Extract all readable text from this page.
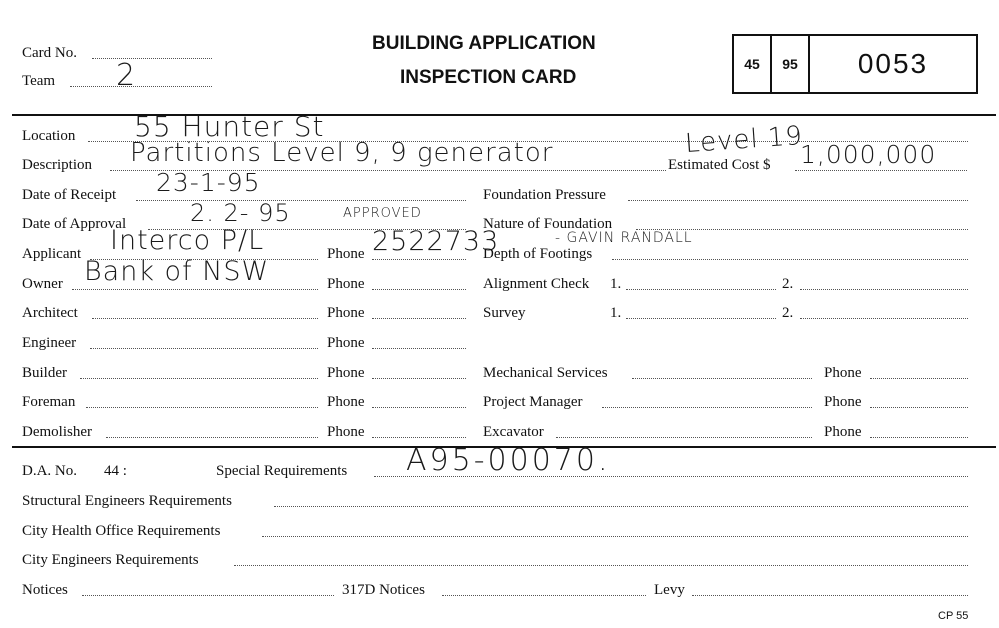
Card No.
Team 2
BUILDING APPLICATION
INSPECTION CARD
45	95	0053
Location 55 Hunter St	Level 19
Description Partitions Level 9, 9 generator	Estimated Cost $ 1,000,000
Date of Receipt 23-1-95
Date of Approval	2. 2- 95	APPROVED
Applicant Interco P/L	Phone 2522733	- GAVIN RANDALL
Owner Bank of NSW	Phone
Architect	Phone
Engineer	Phone
Builder	Phone
Foreman	Phone
Demolisher	Phone
Foundation Pressure
Nature of Foundation
Depth of Footings
Alignment Check 1.	2.
Survey	1.	2.
Mechanical Services	Phone
Project Manager	Phone
Excavator	Phone
D.A. No. 44 :	Special Requirements A95-00070.
Structural Engineers Requirements
City Health Office Requirements
City Engineers Requirements
Notices	317D Notices	Levy
CP 55
